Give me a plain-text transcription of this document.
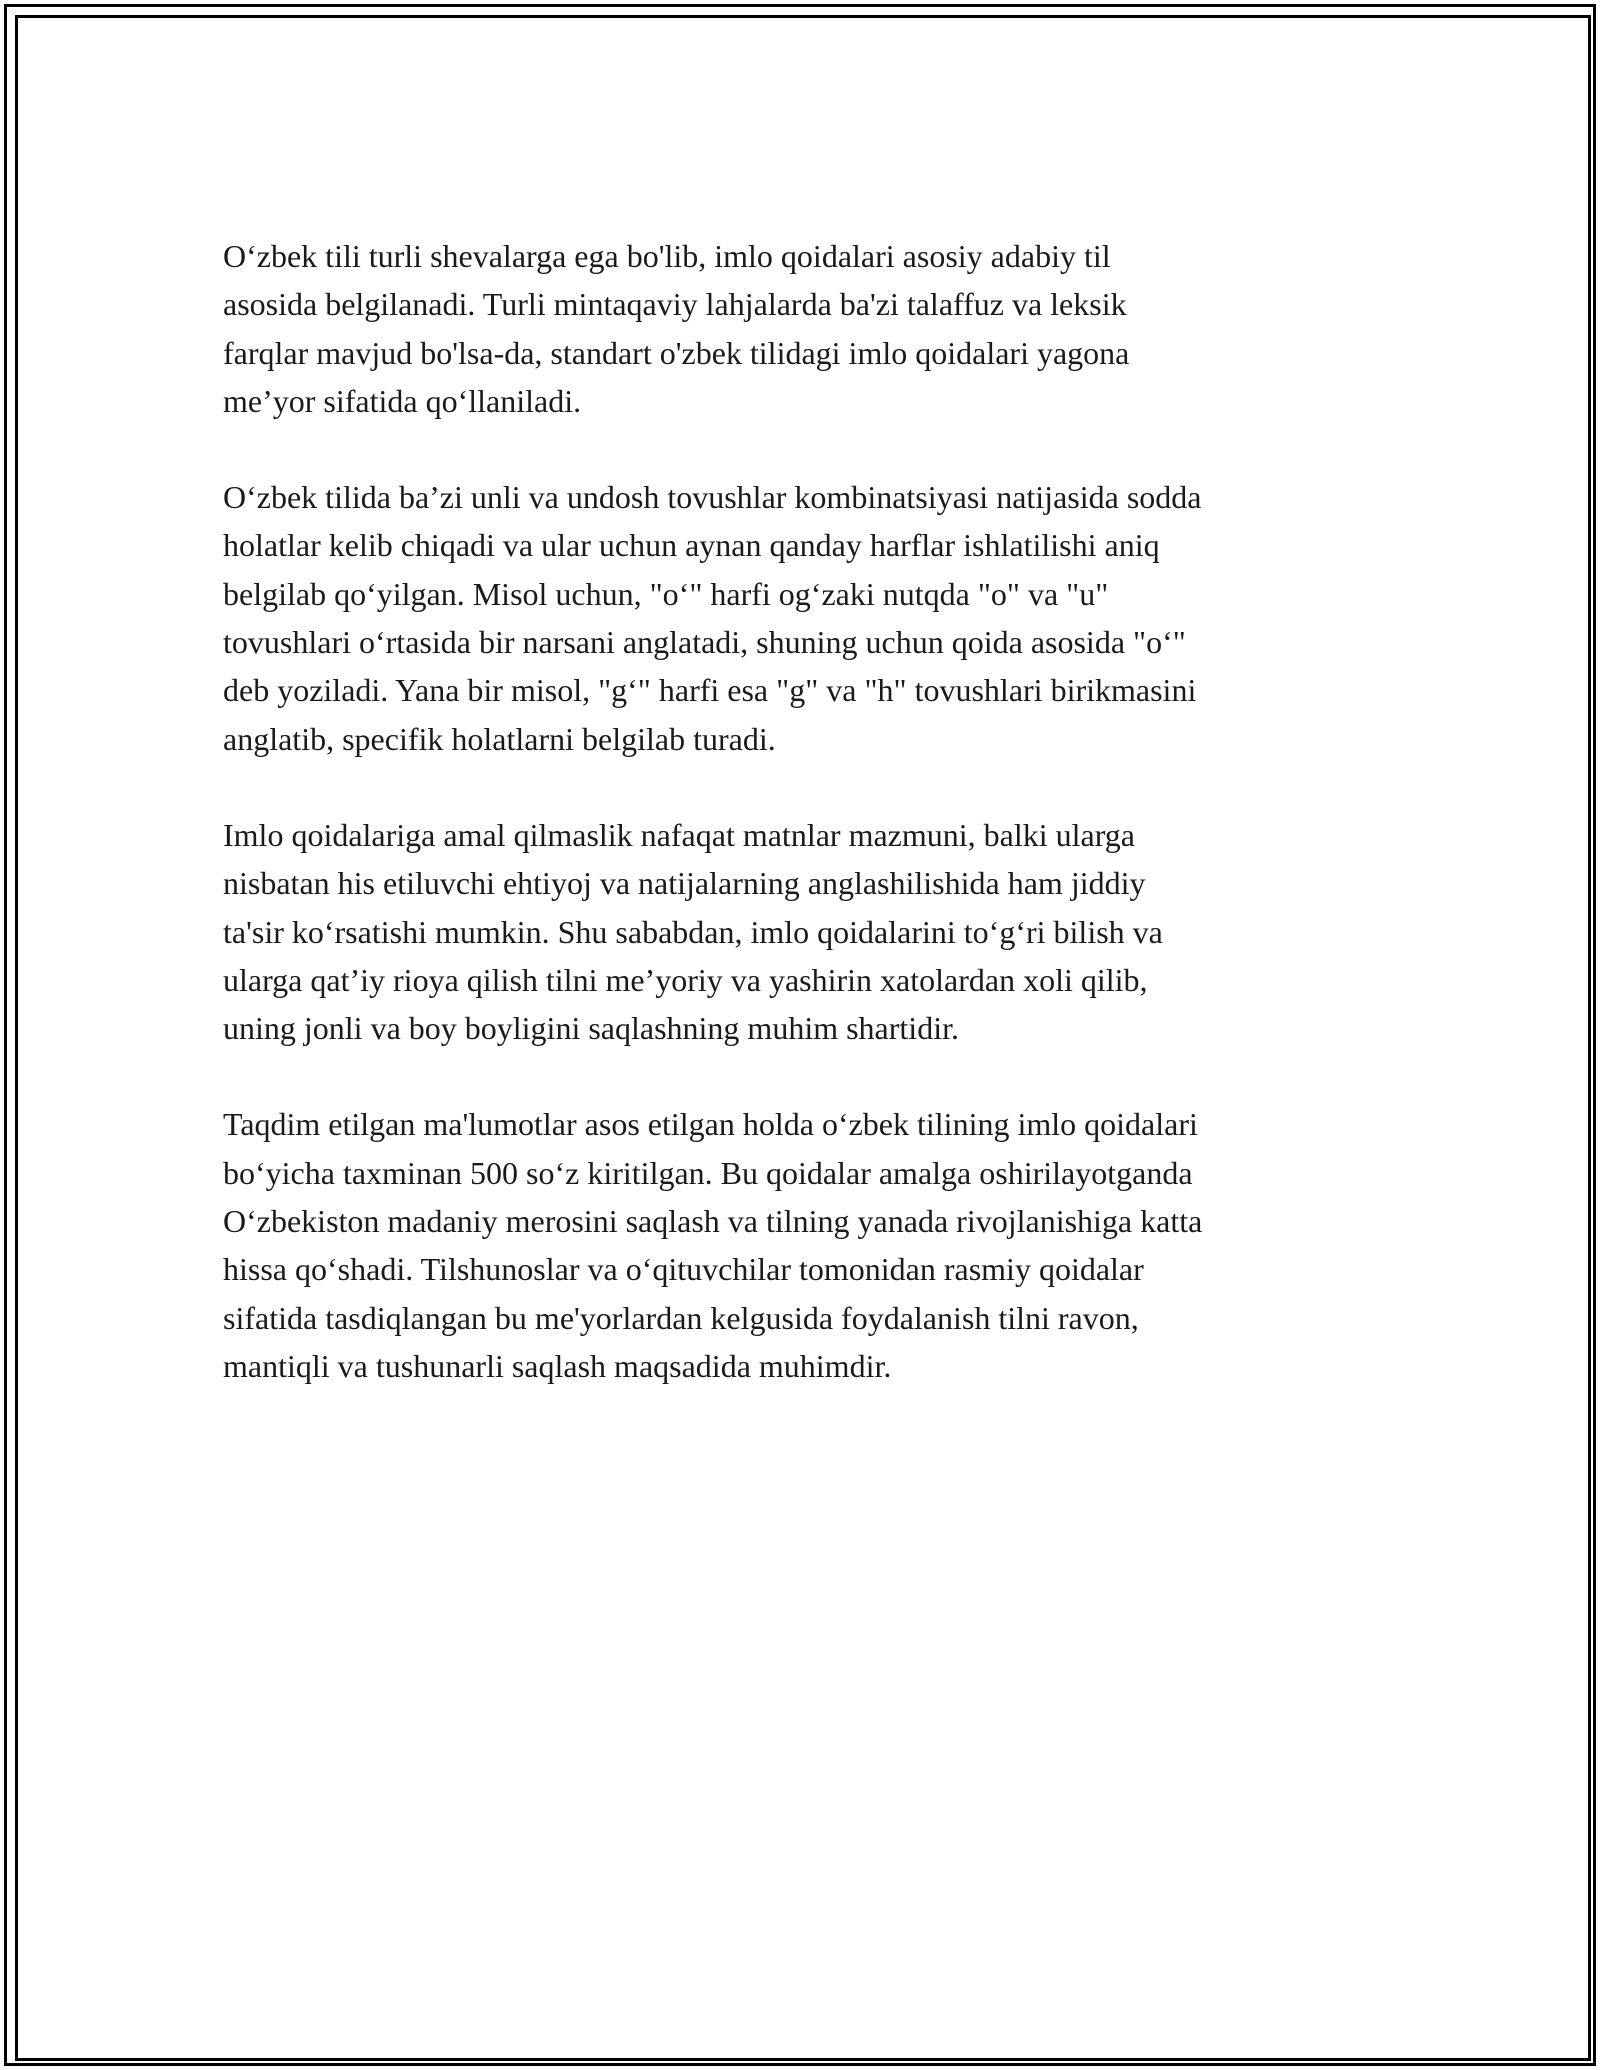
Oʻzbek tili turli shevalarga ega bo'lib, imlo qoidalari asosiy adabiy til
asosida belgilanadi. Turli mintaqaviy lahjalarda ba'zi talaffuz va leksik
farqlar mavjud bo'lsa-da, standart o'zbek tilidagi imlo qoidalari yagona
me’yor sifatida qoʻllaniladi.

Oʻzbek tilida ba’zi unli va undosh tovushlar kombinatsiyasi natijasida sodda
holatlar kelib chiqadi va ular uchun aynan qanday harflar ishlatilishi aniq
belgilab qoʻyilgan. Misol uchun, "oʻ" harfi ogʻzaki nutqda "o" va "u"
tovushlari oʻrtasida bir narsani anglatadi, shuning uchun qoida asosida "oʻ"
deb yoziladi. Yana bir misol, "gʻ" harfi esa "g" va "h" tovushlari birikmasini
anglatib, specifik holatlarni belgilab turadi.

Imlo qoidalariga amal qilmaslik nafaqat matnlar mazmuni, balki ularga
nisbatan his etiluvchi ehtiyoj va natijalarning anglashilishida ham jiddiy
ta'sir koʻrsatishi mumkin. Shu sababdan, imlo qoidalarini toʻgʻri bilish va
ularga qat’iy rioya qilish tilni me’yoriy va yashirin xatolardan xoli qilib,
uning jonli va boy boyligini saqlashning muhim shartidir.

Taqdim etilgan ma'lumotlar asos etilgan holda oʻzbek tilining imlo qoidalari
boʻyicha taxminan 500 soʻz kiritilgan. Bu qoidalar amalga oshirilayotganda
Oʻzbekiston madaniy merosini saqlash va tilning yanada rivojlanishiga katta
hissa qoʻshadi. Tilshunoslar va oʻqituvchilar tomonidan rasmiy qoidalar
sifatida tasdiqlangan bu me'yorlardan kelgusida foydalanish tilni ravon,
mantiqli va tushunarli saqlash maqsadida muhimdir.
